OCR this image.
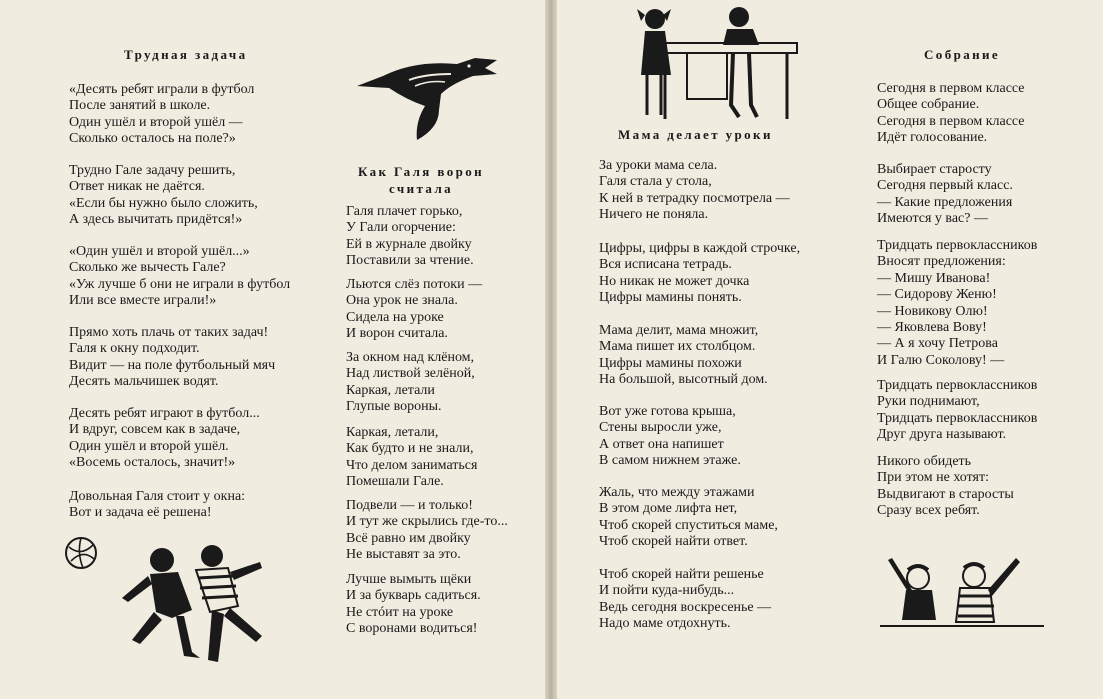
Трудная задача
«Десять ребят играли в футбол
После занятий в школе.
Один ушёл и второй ушёл —
Сколько осталось на поле?»
Трудно Гале задачу решить,
Ответ никак не даётся.
«Если бы нужно было сложить,
А здесь вычитать придётся!»
«Один ушёл и второй ушёл...»
Сколько же вычесть Гале?
«Уж лучше б они не играли в футбол
Или все вместе играли!»
Прямо хоть плачь от таких задач!
Галя к окну подходит.
Видит — на поле футбольный мяч
Десять мальчишек водят.
Десять ребят играют в футбол...
И вдруг, совсем как в задаче,
Один ушёл и второй ушёл.
«Восемь осталось, значит!»
Довольная Галя стоит у окна:
Вот и задача её решена!
Как Галя ворон
считала
Галя плачет горько,
У Гали огорчение:
Ей в журнале двойку
Поставили за чтение.
Льются слёз потоки —
Она урок не знала.
Сидела на уроке
И ворон считала.
За окном над клёном,
Над листвой зелёной,
Каркая, летали
Глупые вороны.
Каркая, летали,
Как будто и не знали,
Что делом заниматься
Помешали Гале.
Подвели — и только!
И тут же скрылись где-то...
Всё равно им двойку
Не выставят за это.
Лучше вымыть щёки
И за букварь садиться.
Не стóит на уроке
С воронами водиться!
Мама делает уроки
За уроки мама села.
Галя стала у стола,
К ней в тетрадку посмотрела —
Ничего не поняла.
Цифры, цифры в каждой строчке,
Вся исписана тетрадь.
Но никак не может дочка
Цифры мамины понять.
Мама делит, мама множит,
Мама пишет их столбцом.
Цифры мамины похожи
На большой, высотный дом.
Вот уже готова крыша,
Стены выросли уже,
А ответ она напишет
В самом нижнем этаже.
Жаль, что между этажами
В этом доме лифта нет,
Чтоб скорей спуститься маме,
Чтоб скорей найти ответ.
Чтоб скорей найти решенье
И пойти куда-нибудь...
Ведь сегодня воскресенье —
Надо маме отдохнуть.
Собрание
Сегодня в первом классе
Общее собрание.
Сегодня в первом классе
Идёт голосование.
Выбирает старосту
Сегодня первый класс.
— Какие предложения
Имеются у вас? —
Тридцать первоклассников
Вносят предложения:
— Мишу Иванова!
— Сидорову Женю!
— Новикову Олю!
— Яковлева Вову!
— А я хочу Петрова
И Галю Соколову! —
Тридцать первоклассников
Руки поднимают,
Тридцать первоклассников
Друг друга называют.
Никого обидеть
При этом не хотят:
Выдвигают в старосты
Сразу всех ребят.
